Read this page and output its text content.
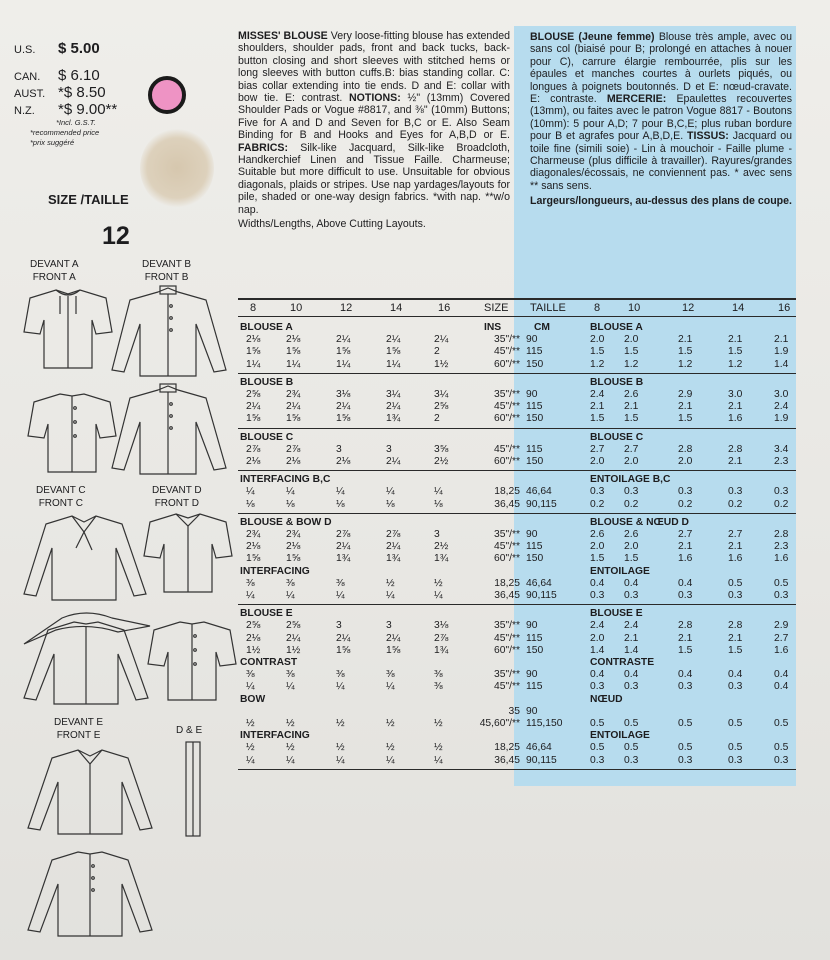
U.S. $ 5.00
CAN. $ 6.10
AUST. *$ 8.50
N.Z. *$ 9.00**
SIZE /TAILLE
12
DEVANT A
FRONT A
DEVANT B
FRONT B
DEVANT C
FRONT C
DEVANT D
FRONT D
DEVANT E
FRONT E	D & E
MISSES' BLOUSE Very loose-fitting blouse has extended shoulders, shoulder pads, front and back tucks, back-button closing and short sleeves with stitched hems or long sleeves with button cuffs.B: bias standing collar. C: bias collar extending into tie ends. D and E: collar with bow tie. E: contrast. NOTIONS: ½" (13mm) Covered Shoulder Pads or Vogue #8817, and ⅜" (10mm) Buttons; Five for A and D and Seven for B,C or E. Also Seam Binding for B and Hooks and Eyes for A,B,D or E. FABRICS: Silk-like Jacquard, Silk-like Broadcloth, Handkerchief Linen and Tissue Faille. Charmeuse; Suitable but more difficult to use. Unsuitable for obvious diagonals, plaids or stripes. Use nap yardages/layouts for pile, shaded or one-way design fabrics. *with nap. **w/o nap.
Widths/Lengths, Above Cutting Layouts.
BLOUSE (Jeune femme) Blouse très ample, avec ou sans col (biaisé pour B; prolongé en attaches à nouer pour C), carrure élargie rembourrée, plis sur les épaules et manches courtes à ourlets piqués, ou longues à poignets boutonnés. D et E: nœud-cravate. E: contraste. MERCERIE: Epaulettes recouvertes (13mm), ou faites avec le patron Vogue 8817 - Boutons (10mm): 5 pour A,D; 7 pour B,C,E; plus ruban bordure pour B et agrafes pour A,B,D,E. TISSUS: Jacquard ou toile fine (simili soie) - Lin à mouchoir - Faille plume - Charmeuse (plus difficile à travailler). Rayures/grandes diagonales/écossais, ne conviennent pas. * avec sens ** sans sens.
Largeurs/longueurs, au-dessus des plans de coupe.
8	10	12	14	16	SIZE TAILLE	8	10	12	14	16
BLOUSE A	BLOUSE A
INS	CM
2⅛ 2⅛	2¼	2¼	2¼	35"/** 90	2.0 2.0	2.1	2.1	2.1
1⅝ 1⅝	1⅝	1⅝	2	45"/** 115	1.5 1.5	1.5	1.5	1.9
1¼ 1¼	1¼	1¼	1½	60"/** 150	1.2 1.2	1.2	1.2	1.4
BLOUSE B	BLOUSE B
2⅝ 2¾	3⅛	3¼	3¼	35"/** 90	2.4 2.6	2.9	3.0	3.0
2¼ 2¼	2¼	2¼	2⅝	45"/** 115	2.1 2.1	2.1	2.1	2.4
1⅝ 1⅝	1⅝	1¾	2	60"/** 150	1.5 1.5	1.5	1.6	1.9
BLOUSE C	BLOUSE C
2⅞ 2⅞	3	3	3⅝	45"/** 115	2.7 2.7	2.8	2.8	3.4
2⅛ 2⅛	2⅛	2¼	2½	60"/** 150	2.0 2.0	2.0	2.1	2.3
INTERFACING B,C	ENTOILAGE B,C
¼	¼	¼	¼	¼	18,25 46,64	0.3 0.3	0.3	0.3	0.3
⅛	⅛	⅛	⅛	⅛	36,45 90,115	0.2 0.2	0.2	0.2	0.2
BLOUSE & BOW D	BLOUSE & NŒUD D
2¾ 2¾	2⅞	2⅞	3	35"/** 90	2.6 2.6	2.7	2.7	2.8
2⅛ 2⅛	2¼	2¼	2½	45"/** 115	2.0 2.0	2.1	2.1	2.3
1⅝ 1⅝	1¾	1¾	1¾	60"/** 150	1.5 1.5	1.6	1.6	1.6
INTERFACING	ENTOILAGE
⅜	⅜	⅜	½	½	18,25 46,64	0.4 0.4	0.4	0.5	0.5
¼	¼	¼	¼	¼	36,45 90,115	0.3 0.3	0.3	0.3	0.3
BLOUSE E	BLOUSE E
2⅝ 2⅝	3	3	3⅛	35"/** 90	2.4 2.4	2.8	2.8	2.9
2⅛ 2¼	2¼	2¼	2⅞	45"/** 115	2.0 2.1	2.1	2.1	2.7
1½ 1½	1⅝	1⅝	1¾	60"/** 150	1.4 1.4	1.5	1.5	1.6
CONTRAST	CONTRASTE
⅜	⅜	⅜	⅜	⅜	35"/** 90	0.4 0.4	0.4	0.4	0.4
¼	¼	¼	¼	⅜	45"/** 115	0.3 0.3	0.3	0.3	0.4
BOW	NŒUD
35 90
½	½	½	½	½	45,60"/** 115,150	0.5 0.5	0.5	0.5	0.5
INTERFACING	ENTOILAGE
½	½	½	½	½	18,25 46,64	0.5 0.5	0.5	0.5	0.5
¼	¼	¼	¼	¼	36,45 90,115	0.3 0.3	0.3	0.3	0.3
*Incl. G.S.T.
*recommended price
*prix suggéré
